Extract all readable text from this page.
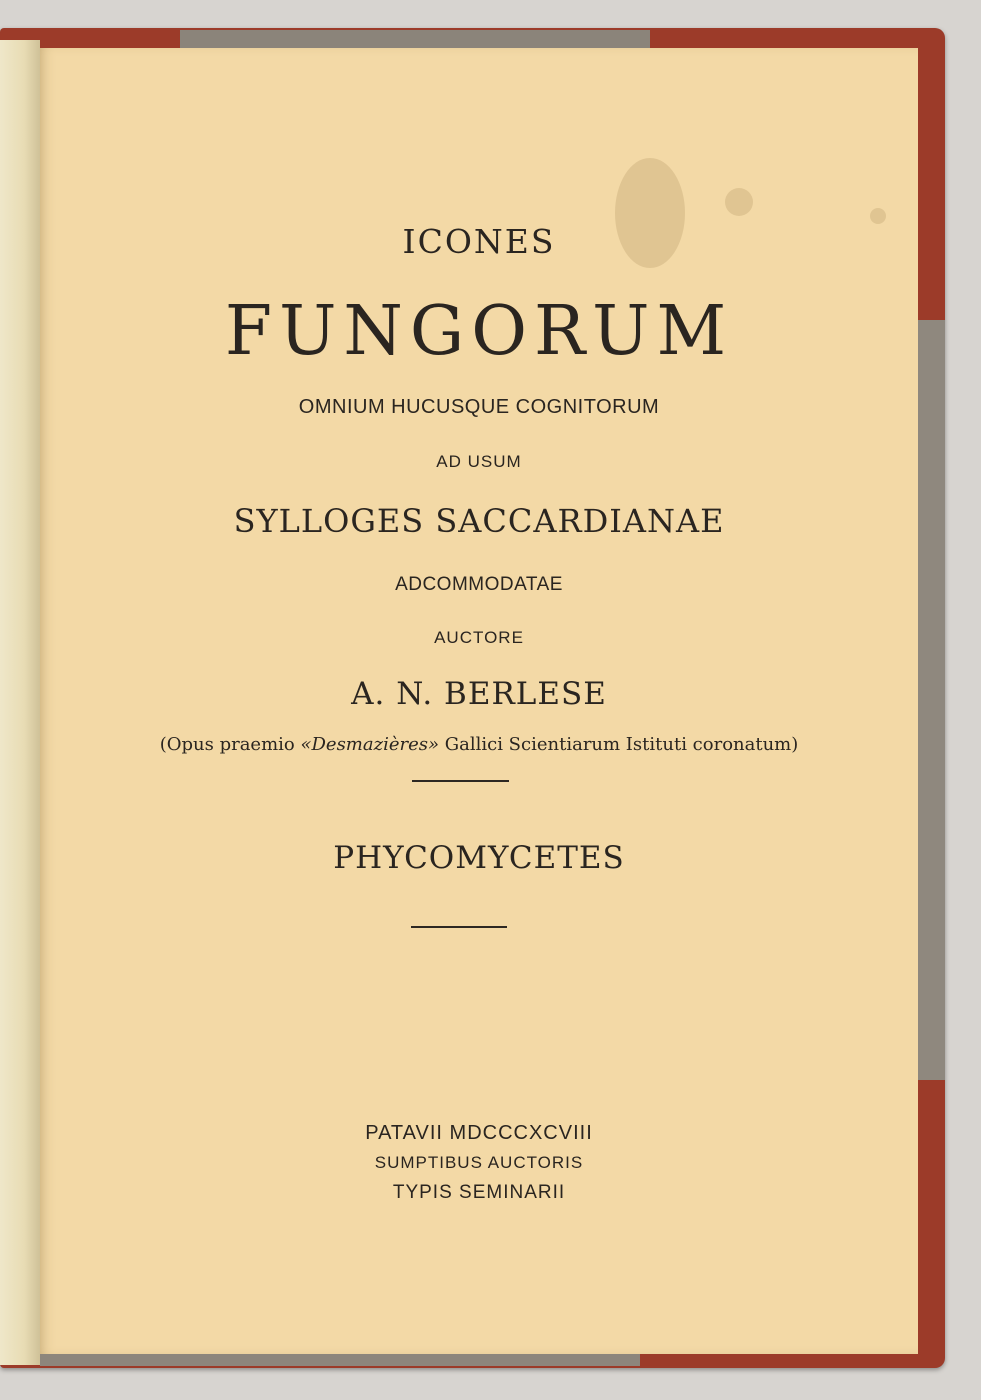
ICONES
FUNGORUM
OMNIUM HUCUSQUE COGNITORUM
AD USUM
SYLLOGES SACCARDIANAE
ADCOMMODATAE
AUCTORE
A. N. BERLESE
(Opus praemio «Desmazières» Gallici Scientiarum Istituti coronatum)
PHYCOMYCETES
PATAVII MDCCCXCVIII
SUMPTIBUS AUCTORIS
TYPIS SEMINARII
